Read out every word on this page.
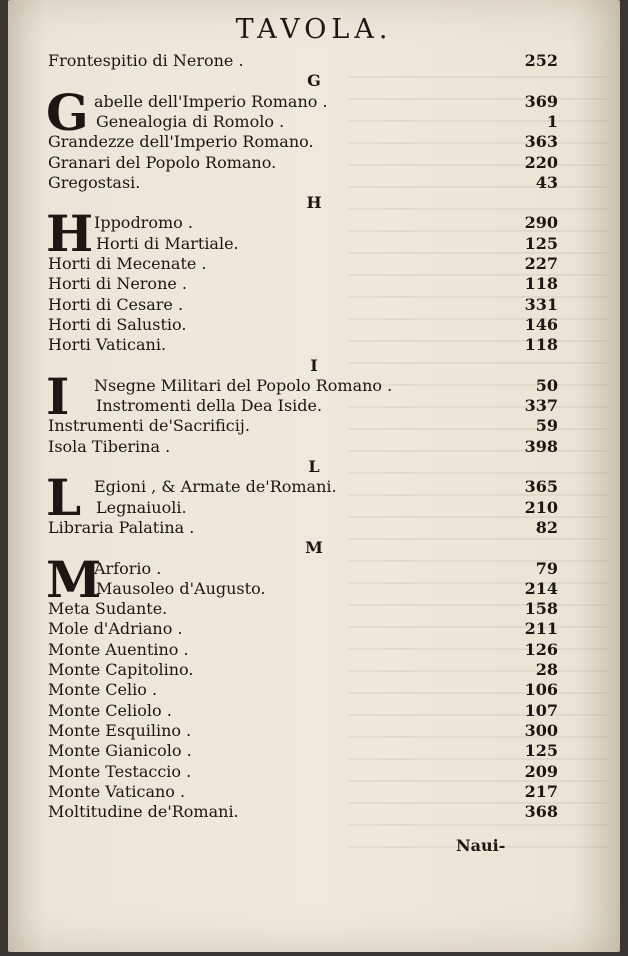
TAVOLA.
Frontespitio di Nerone .	252
G
G abelle dell'Imperio Romano .	369
Genealogia di Romolo .	1
Grandezze dell'Imperio Romano.	363
Granari del Popolo Romano.	220
Gregostasi.	43
H
H Ippodromo .	290
Horti di Martiale.	125
Horti di Mecenate .	227
Horti di Nerone .	118
Horti di Cesare .	331
Horti di Salustio.	146
Horti Vaticani.	118
I
I Nsegne Militari del Popolo Romano .	50
Instromenti della Dea Iside.	337
Instrumenti de'Sacrificij.	59
Isola Tiberina .	398
L
L Egioni , & Armate de'Romani.	365
Legnaiuoli.	210
Libraria Palatina .	82
M
M
Arforio .	79
Mausoleo d'Augusto.	214
Meta Sudante.	158
Mole d'Adriano .	211
Monte Auentino .	126
Monte Capitolino.	28
Monte Celio .	106
Monte Celiolo .	107
Monte Esquilino .	300
Monte Gianicolo .	125
Monte Testaccio .	209
Monte Vaticano .	217
Moltitudine de'Romani.	368
Naui-
